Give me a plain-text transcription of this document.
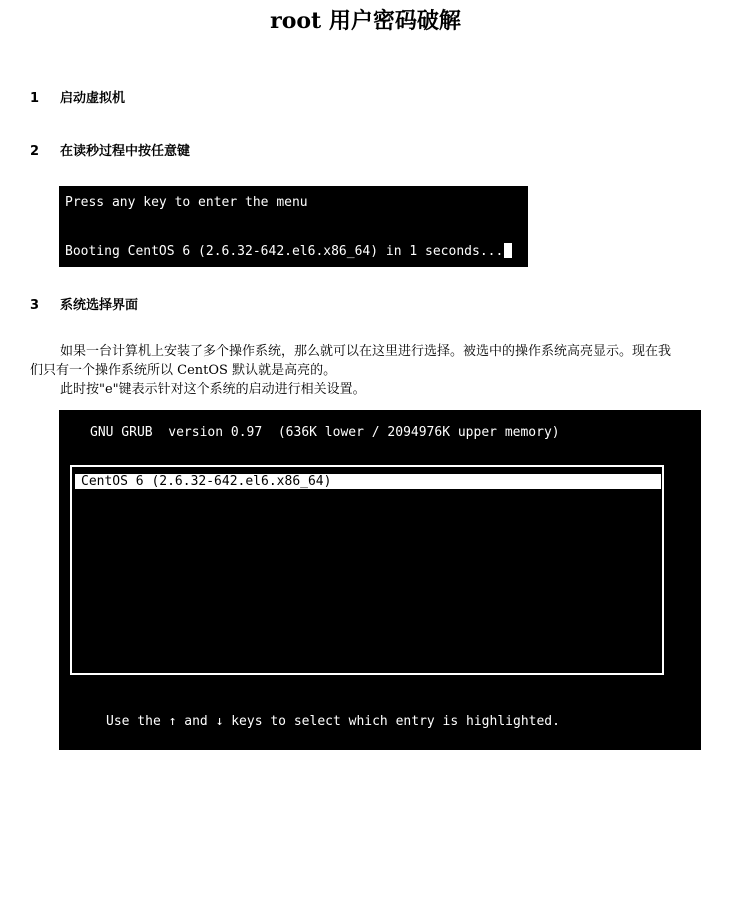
root 用户密码破解
1 启动虚拟机
2 在读秒过程中按任意键
Press any key to enter the menu
Booting CentOS 6 (2.6.32-642.el6.x86_64) in 1 seconds...
3 系统选择界面
如果一台计算机上安装了多个操作系统，那么就可以在这里进行选择。被选中的操作系统高亮显示。现在我
们只有一个操作系统所以 CentOS 默认就是高亮的。
此时按"e"键表示针对这个系统的启动进行相关设置。
GNU GRUB  version 0.97  (636K lower / 2094976K upper memory)
CentOS 6 (2.6.32-642.el6.x86_64)

Use the ↑ and ↓ keys to select which entry is highlighted.

Press enter to boot the selected OS, 'e' to edit the

commands before booting, 'a' to modify the kernel arguments

before booting, or 'c' for a command-line.
